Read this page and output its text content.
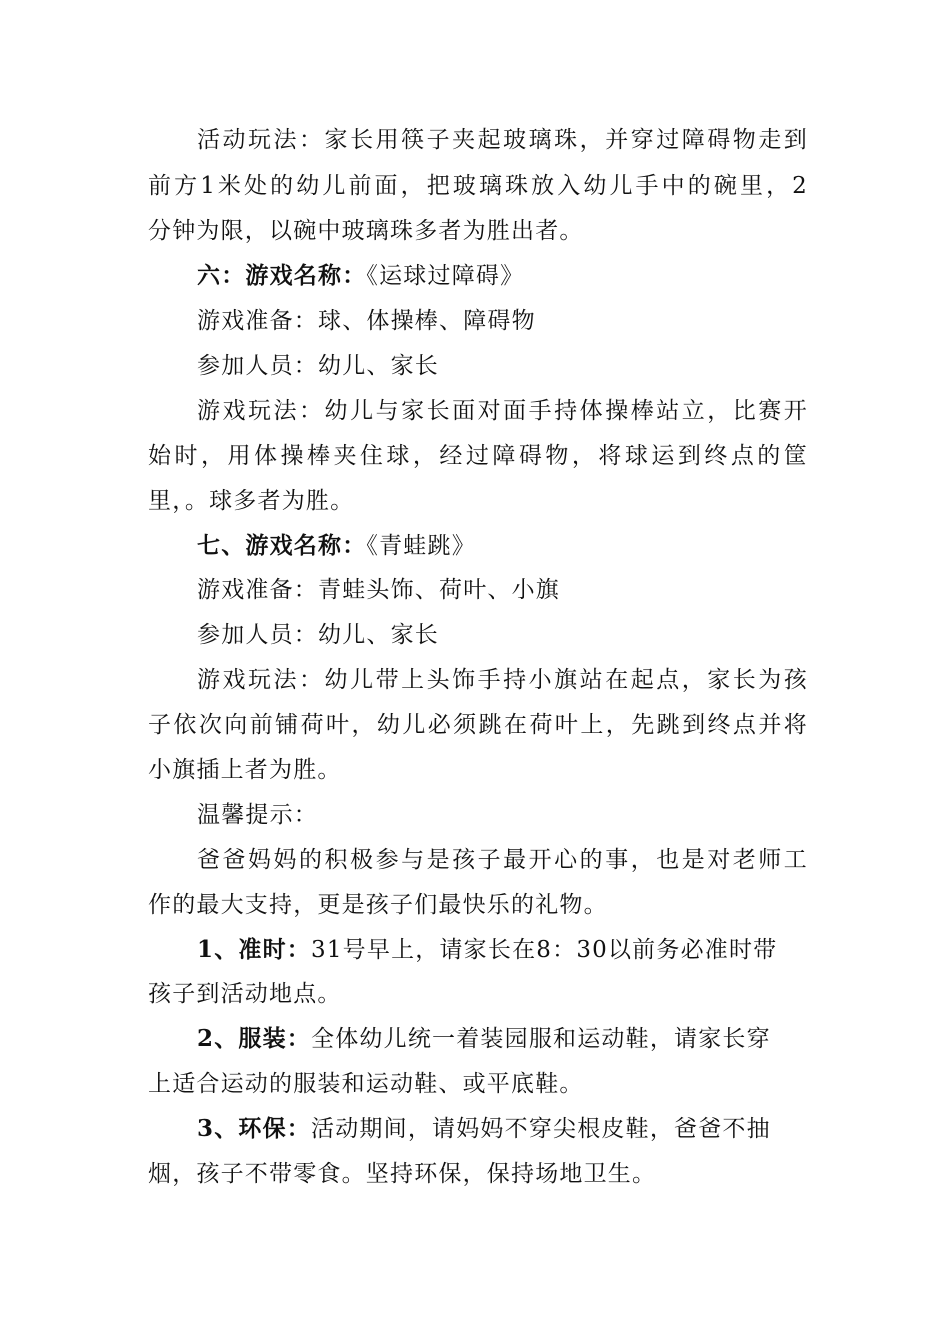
活动玩法：家长用筷子夹起玻璃珠，并穿过障碍物走到
前方1米处的幼儿前面，把玻璃珠放入幼儿手中的碗里，2
分钟为限，以碗中玻璃珠多者为胜出者。
六：游戏名称：《运球过障碍》
游戏准备：球、体操棒、障碍物
参加人员：幼儿、家长
游戏玩法：幼儿与家长面对面手持体操棒站立，比赛开
始时，用体操棒夹住球，经过障碍物，将球运到终点的筐
里，。球多者为胜。
七、游戏名称：《青蛙跳》
游戏准备：青蛙头饰、荷叶、小旗
参加人员：幼儿、家长
游戏玩法：幼儿带上头饰手持小旗站在起点，家长为孩
子依次向前铺荷叶，幼儿必须跳在荷叶上，先跳到终点并将
小旗插上者为胜。
温馨提示：
爸爸妈妈的积极参与是孩子最开心的事，也是对老师工
作的最大支持，更是孩子们最快乐的礼物。
1、准时：31号早上，请家长在8：30以前务必准时带
孩子到活动地点。
2、服装：全体幼儿统一着装园服和运动鞋，请家长穿
上适合运动的服装和运动鞋、或平底鞋。
3、环保：活动期间，请妈妈不穿尖根皮鞋，爸爸不抽
烟，孩子不带零食。坚持环保，保持场地卫生。
